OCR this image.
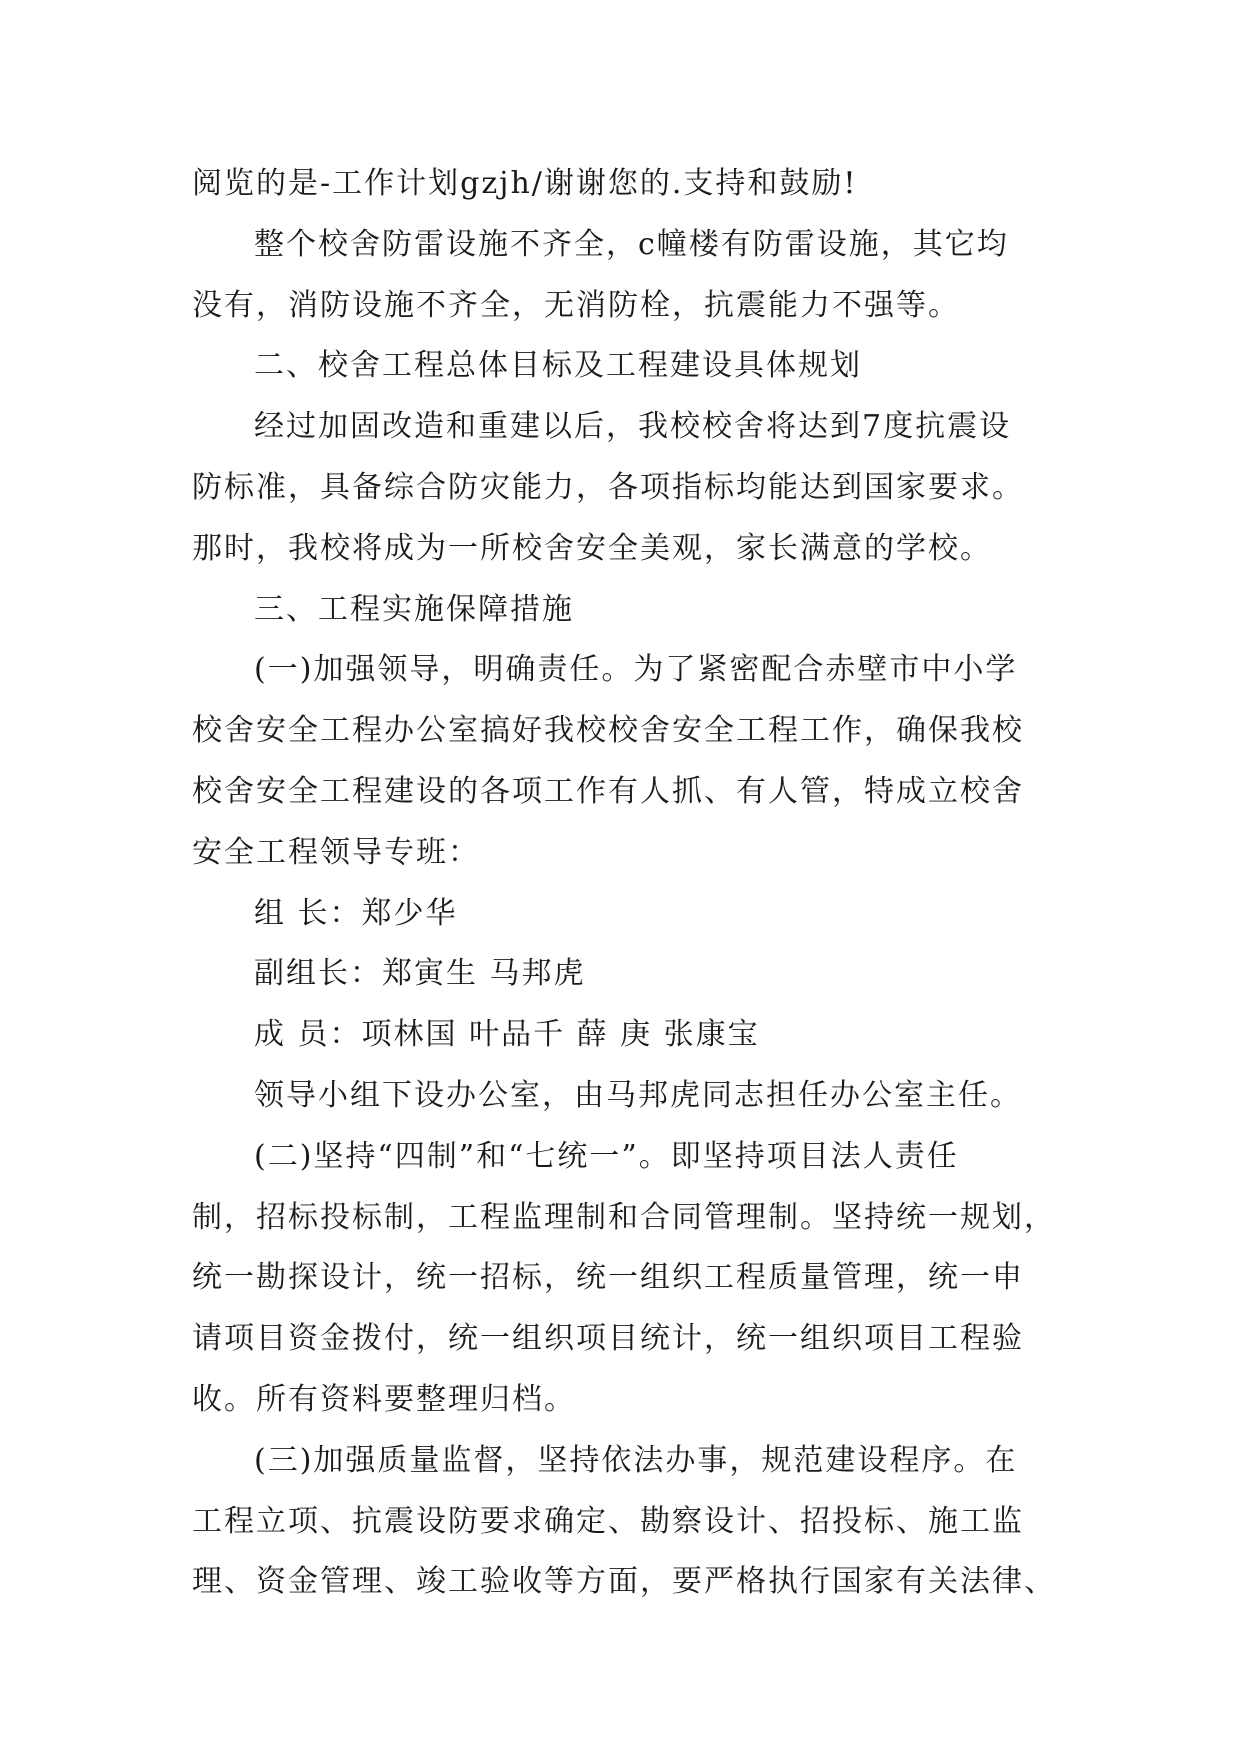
阅览的是-工作计划gzjh/谢谢您的.支持和鼓励!
整个校舍防雷设施不齐全，c幢楼有防雷设施，其它均
没有，消防设施不齐全，无消防栓，抗震能力不强等。
二、校舍工程总体目标及工程建设具体规划
经过加固改造和重建以后，我校校舍将达到7度抗震设
防标准，具备综合防灾能力，各项指标均能达到国家要求。
那时，我校将成为一所校舍安全美观，家长满意的学校。
三、工程实施保障措施
(一)加强领导，明确责任。为了紧密配合赤壁市中小学
校舍安全工程办公室搞好我校校舍安全工程工作，确保我校
校舍安全工程建设的各项工作有人抓、有人管，特成立校舍
安全工程领导专班：
组 长：郑少华
副组长：郑寅生 马邦虎
成 员：项林国 叶品千 薛 庚 张康宝
领导小组下设办公室，由马邦虎同志担任办公室主任。
(二)坚持“四制”和“七统一”。即坚持项目法人责任
制，招标投标制，工程监理制和合同管理制。坚持统一规划，
统一勘探设计，统一招标，统一组织工程质量管理，统一申
请项目资金拨付，统一组织项目统计，统一组织项目工程验
收。所有资料要整理归档。
(三)加强质量监督，坚持依法办事，规范建设程序。在
工程立项、抗震设防要求确定、勘察设计、招投标、施工监
理、资金管理、竣工验收等方面，要严格执行国家有关法律、
